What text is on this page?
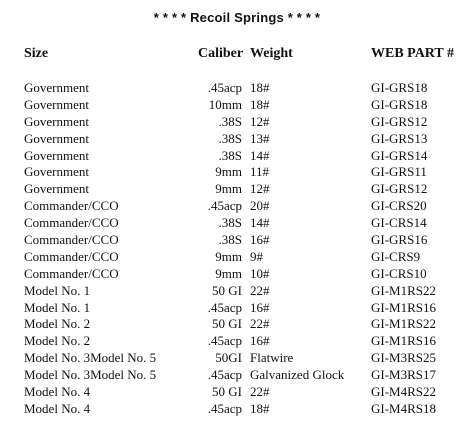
* * * * Recoil Springs * * * *
Size	Caliber Weight	WEB PART #
Government	.45acp 18#	GI-GRS18
Government	10mm 18#	GI-GRS18
Government	.38S 12#	GI-GRS12
Government	.38S 13#	GI-GRS13
Government	.38S 14#	GI-GRS14
Government	9mm 11#	GI-GRS11
Government	9mm 12#	GI-GRS12
Commander/CCO	.45acp 20#	GI-CRS20
Commander/CCO	.38S 14#	GI-CRS14
Commander/CCO	.38S 16#	GI-GRS16
Commander/CCO	9mm 9#	GI-CRS9
Commander/CCO	9mm 10#	GI-CRS10
Model No. 1	50 GI 22#	GI-M1RS22
Model No. 1	.45acp 16#	GI-M1RS16
Model No. 2	50 GI 22#	GI-M1RS22
Model No. 2	.45acp 16#	GI-M1RS16
Model No. 3Model No. 5	50GI Flatwire	GI-M3RS25
Model No. 3Model No. 5	.45acp Galvanized Glock GI-M3RS17
Model No. 4	50 GI 22#	GI-M4RS22
Model No. 4	.45acp 18#	GI-M4RS18
